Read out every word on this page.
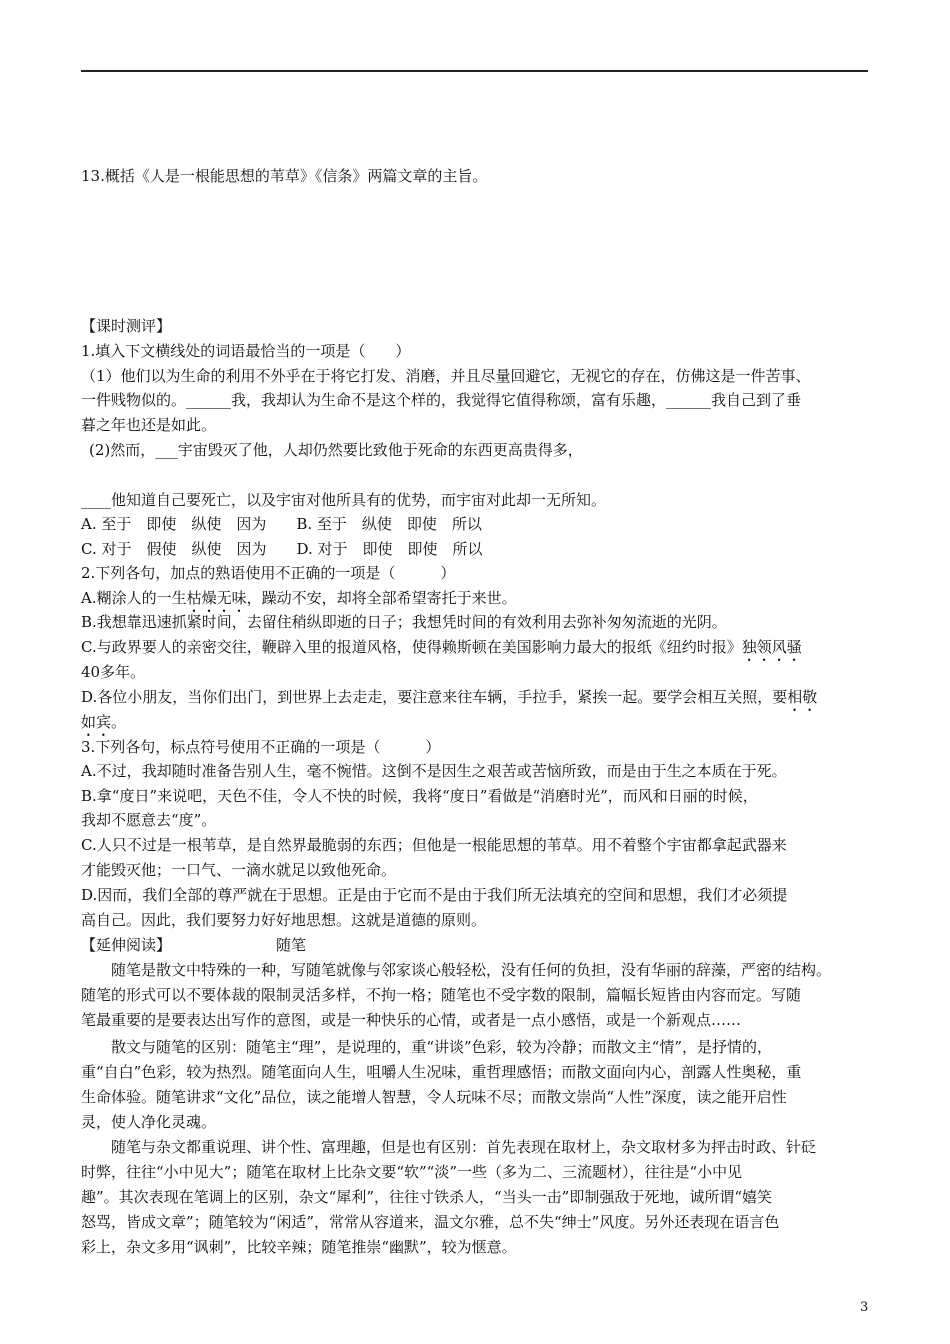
13.概括《人是一根能思想的苇草》《信条》两篇文章的主旨。
【课时测评】
1.填入下文横线处的词语最恰当的一项是（　　）
（1）他们以为生命的利用不外乎在于将它打发、消磨，并且尽量回避它，无视它的存在，仿佛这是一件苦事、
一件贱物似的。______我，我却认为生命不是这个样的，我觉得它值得称颂，富有乐趣，______我自己到了垂
暮之年也还是如此。
(2)然而，___宇宙毁灭了他，人却仍然要比致他于死命的东西更高贵得多，
____他知道自己要死亡，以及宇宙对他所具有的优势，而宇宙对此却一无所知。
A. 至于　即使　纵使　因为　　B. 至于　纵使　即使　所以
C. 对于　假使　纵使　因为　　D. 对于　即使　即使　所以
2.下列各句，加点的熟语使用不正确的一项是（　　　）
A.糊涂人的一生枯燥无味，躁动不安，却将全部希望寄托于来世。
B.我想靠迅速抓紧时间，去留住稍纵即逝的日子；我想凭时间的有效利用去弥补匆匆流逝的光阴。
C.与政界要人的亲密交往，鞭辟入里的报道风格，使得赖斯顿在美国影响力最大的报纸《纽约时报》独领风骚
40多年。
D.各位小朋友，当你们出门，到世界上去走走，要注意来往车辆，手拉手，紧挨一起。要学会相互关照，要相敬
如宾。
3.下列各句，标点符号使用不正确的一项是（　　　）
A.不过，我却随时准备告别人生，毫不惋惜。这倒不是因生之艰苦或苦恼所致，而是由于生之本质在于死。
B.拿“度日”来说吧，天色不佳，令人不快的时候，我将“度日”看做是“消磨时光”，而风和日丽的时候，
我却不愿意去“度”。
C.人只不过是一根苇草，是自然界最脆弱的东西；但他是一根能思想的苇草。用不着整个宇宙都拿起武器来
才能毁灭他；一口气、一滴水就足以致他死命。
D.因而，我们全部的尊严就在于思想。正是由于它而不是由于我们所无法填充的空间和思想，我们才必须提
高自己。因此，我们要努力好好地思想。这就是道德的原则。
【延伸阅读】	随笔
随笔是散文中特殊的一种，写随笔就像与邻家谈心般轻松，没有任何的负担，没有华丽的辞藻，严密的结构。
随笔的形式可以不要体裁的限制灵活多样，不拘一格；随笔也不受字数的限制，篇幅长短皆由内容而定。写随
笔最重要的是要表达出写作的意图，或是一种快乐的心情，或者是一点小感悟，或是一个新观点……
散文与随笔的区别：随笔主“理”，是说理的，重“讲谈”色彩，较为冷静；而散文主“情”，是抒情的，
重“自白”色彩，较为热烈。随笔面向人生，咀嚼人生况味，重哲理感悟；而散文面向内心，剖露人性奥秘，重
生命体验。随笔讲求“文化”品位，读之能增人智慧，令人玩味不尽；而散文崇尚“人性”深度，读之能开启性
灵，使人净化灵魂。
随笔与杂文都重说理、讲个性、富理趣，但是也有区别：首先表现在取材上，杂文取材多为抨击时政、针砭
时弊，往往“小中见大”；随笔在取材上比杂文要“软”“淡”一些（多为二、三流题材），往往是“小中见
趣”。其次表现在笔调上的区别，杂文“犀利”，往往寸铁杀人，“当头一击”即制强敌于死地，诚所谓“嬉笑
怒骂，皆成文章”；随笔较为“闲适”，常常从容道来，温文尔雅，总不失“绅士”风度。另外还表现在语言色
彩上，杂文多用“讽刺”，比较辛辣；随笔推崇“幽默”，较为惬意。
3
